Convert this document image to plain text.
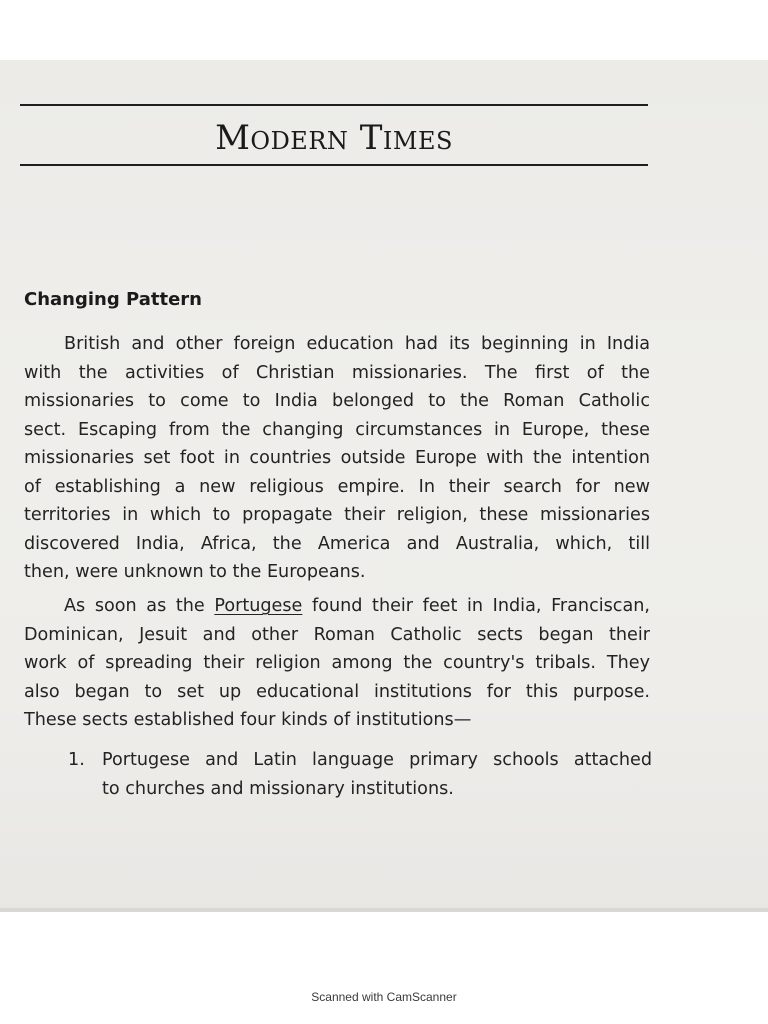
Modern Times
Changing Pattern
British and other foreign education had its beginning in India
with the activities of Christian missionaries. The first of the
missionaries to come to India belonged to the Roman Catholic
sect. Escaping from the changing circumstances in Europe, these
missionaries set foot in countries outside Europe with the intention
of establishing a new religious empire. In their search for new
territories in which to propagate their religion, these missionaries
discovered India, Africa, the America and Australia, which, till
then, were unknown to the Europeans.
As soon as the Portugese found their feet in India, Franciscan,
Dominican, Jesuit and other Roman Catholic sects began their
work of spreading their religion among the country's tribals. They
also began to set up educational institutions for this purpose.
These sects established four kinds of institutions—
1. Portugese and Latin language primary schools attached
to churches and missionary institutions.
Scanned with CamScanner
